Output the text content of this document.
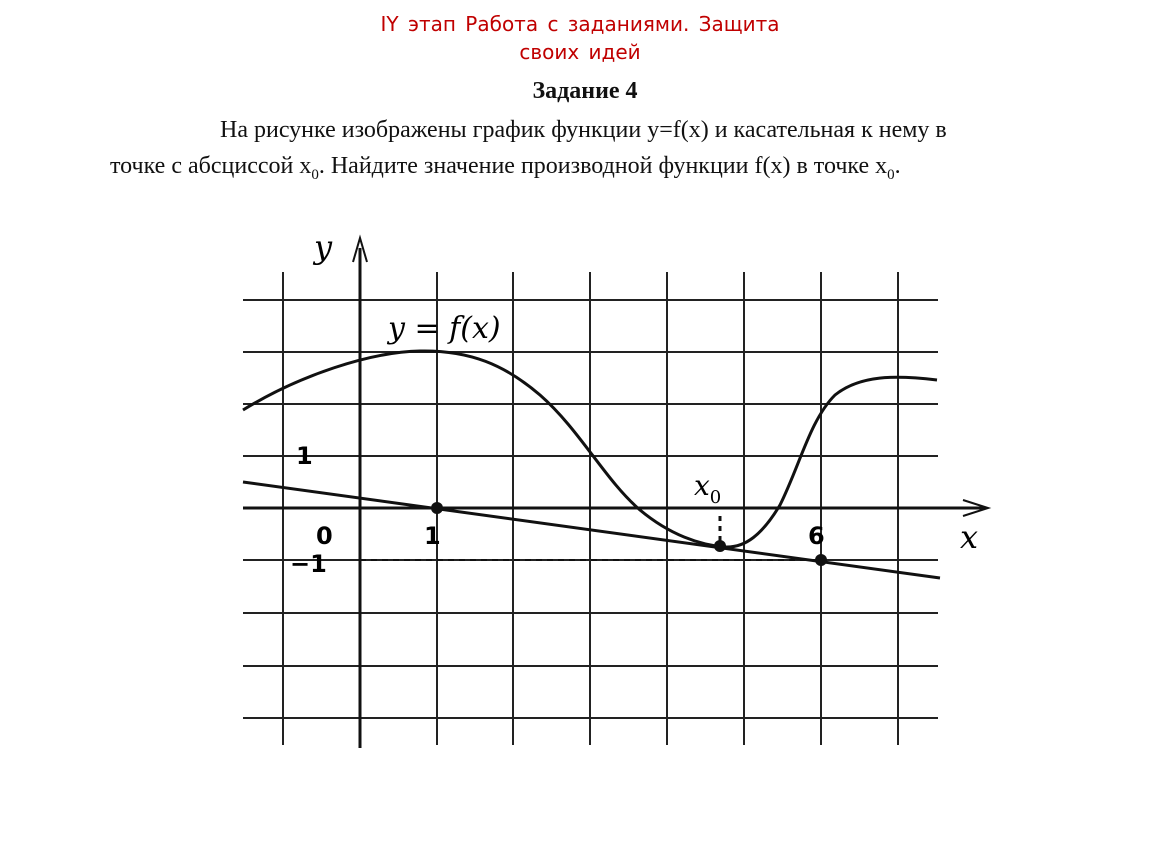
IY этап Работа с заданиями. Защита
своих идей
Задание 4
На рисунке изображены график функции y=f(x) и касательная к нему в
точке с абсциссой $x_0$. Найдите значение производной функции f(x) в точке $x_0$.
y
x
y = f(x)
$x_0$
1
0	1
−1
6
